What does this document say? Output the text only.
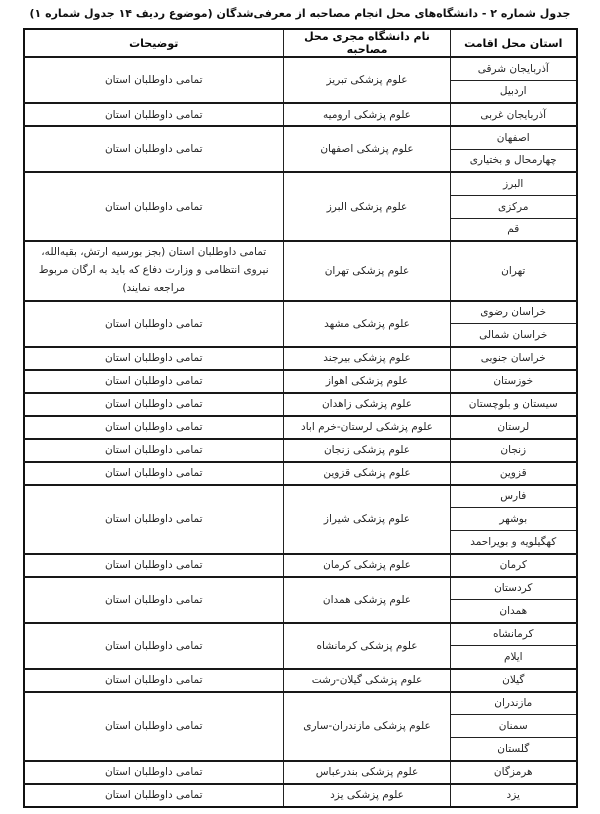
جدول شماره ۲ - دانشگاه‌های محل انجام مصاحبه از معرفی‌شدگان (موضوع ردیف ۱۴ جدول شماره ۱)
استان محل اقامت	نام دانشگاه مجری محل مصاحبه	توضیحات
آذربایجان شرقی	علوم پزشکی تبریز	تمامی داوطلبان استان
اردبیل		
آذربایجان غربی	علوم پزشکی ارومیه	تمامی داوطلبان استان
اصفهان	علوم پزشکی اصفهان	تمامی داوطلبان استان
چهارمحال و بختیاری		
البرز	علوم پزشکی البرز	تمامی داوطلبان استان
مرکزی		
قم		
تهران	علوم پزشکی تهران	تمامی داوطلبان استان (بجز بورسیه ارتش، بقیه‌الله، نیروی انتظامی و وزارت دفاع که باید به ارگان مربوط مراجعه نمایند)
خراسان رضوی	علوم پزشکی مشهد	تمامی داوطلبان استان
خراسان شمالی		
خراسان جنوبی	علوم پزشکی بیرجند	تمامی داوطلبان استان
خوزستان	علوم پزشکی اهواز	تمامی داوطلبان استان
سیستان و بلوچستان	علوم پزشکی زاهدان	تمامی داوطلبان استان
لرستان	علوم پزشکی لرستان-خرم اباد	تمامی داوطلبان استان
زنجان	علوم پزشکی زنجان	تمامی داوطلبان استان
قزوین	علوم پزشکی قزوین	تمامی داوطلبان استان
فارس	علوم پزشکی شیراز	تمامی داوطلبان استان
بوشهر		
کهگیلویه و بویراحمد		
کرمان	علوم پزشکی کرمان	تمامی داوطلبان استان
کردستان	علوم پزشکی همدان	تمامی داوطلبان استان
همدان		
کرمانشاه	علوم پزشکی کرمانشاه	تمامی داوطلبان استان
ایلام		
گیلان	علوم پزشکی گیلان-رشت	تمامی داوطلبان استان
مازندران	علوم پزشکی مازندران-ساری	تمامی داوطلبان استان
سمنان		
گلستان		
هرمزگان	علوم پزشکی بندرعباس	تمامی داوطلبان استان
یزد	علوم پزشکی یزد	تمامی داوطلبان استان
